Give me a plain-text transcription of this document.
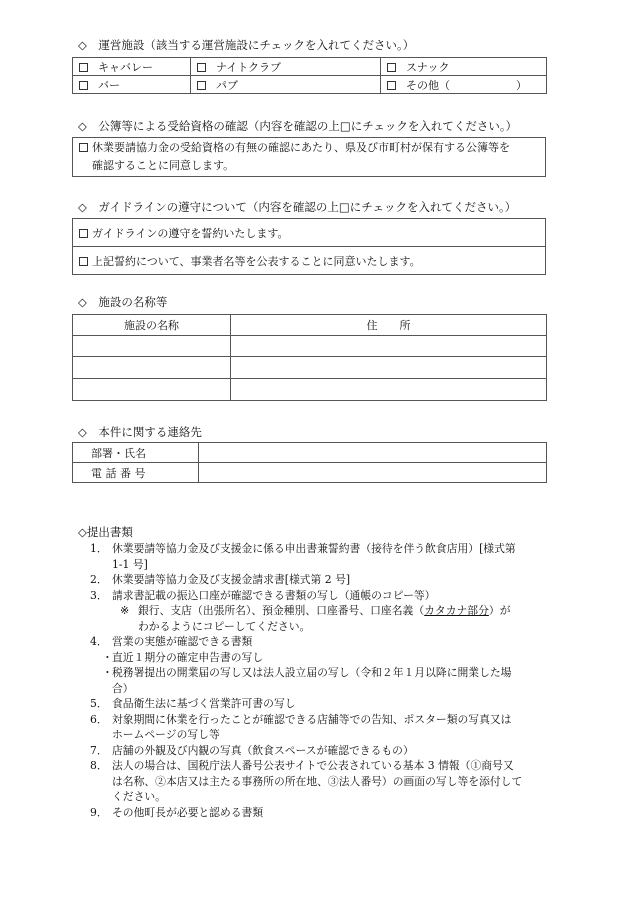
◇　運営施設（該当する運営施設にチェックを入れてください。）
キャバレー	ナイトクラブ	スナック
バー	パブ	その他（　　　　　　）
◇　公簿等による受給資格の確認（内容を確認の上□にチェックを入れてください。）
休業要請協力金の受給資格の有無の確認にあたり、県及び市町村が保有する公簿等を
確認することに同意します。
◇　ガイドラインの遵守について（内容を確認の上□にチェックを入れてください。）
ガイドラインの遵守を誓約いたします。
上記誓約について、事業者名等を公表することに同意いたします。
◇　施設の名称等
施設の名称	住　　所

◇　本件に関する連絡先
部署・氏名	
電 話 番 号	
◇提出書類
1． 休業要請等協力金及び支援金に係る申出書兼誓約書（接待を伴う飲食店用）[様式第
1-1 号]
2． 休業要請等協力金及び支援金請求書[様式第 2 号]
3． 請求書記載の振込口座が確認できる書類の写し（通帳のコピー等）
※ 銀行、支店（出張所名）、預金種別、口座番号、口座名義（カタカナ部分）が
わかるようにコピーしてください。
4． 営業の実態が確認できる書類
・ 直近１期分の確定申告書の写し
・ 税務署提出の開業届の写し又は法人設立届の写し（令和２年１月以降に開業した場
合）
5． 食品衛生法に基づく営業許可書の写し
6． 対象期間に休業を行ったことが確認できる店舗等での告知、ポスター類の写真又は
ホームページの写し等
7． 店舗の外観及び内観の写真（飲食スペースが確認できるもの）
8． 法人の場合は、国税庁法人番号公表サイトで公表されている基本 3 情報（①商号又
は名称、②本店又は主たる事務所の所在地、③法人番号）の画面の写し等を添付して
ください。
9． その他町長が必要と認める書類
